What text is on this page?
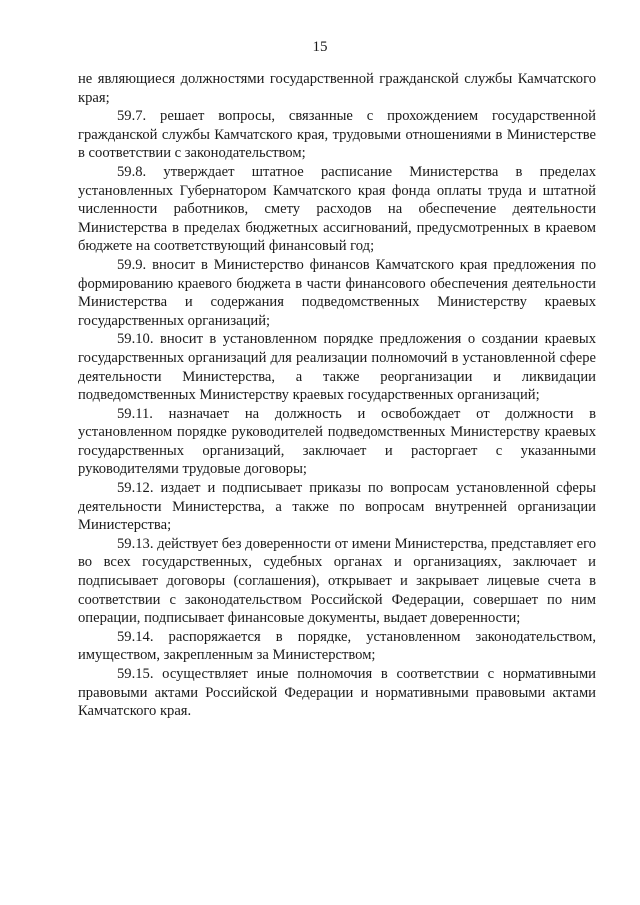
15

не являющиеся должностями государственной гражданской службы Камчатского края;

59.7. решает вопросы, связанные с прохождением государственной гражданской службы Камчатского края, трудовыми отношениями в Министерстве в соответствии с законодательством;

59.8. утверждает штатное расписание Министерства в пределах установленных Губернатором Камчатского края фонда оплаты труда и штатной численности работников, смету расходов на обеспечение деятельности Министерства в пределах бюджетных ассигнований, предусмотренных в краевом бюджете на соответствующий финансовый год;

59.9. вносит в Министерство финансов Камчатского края предложения по формированию краевого бюджета в части финансового обеспечения деятельности Министерства и содержания подведомственных Министерству краевых государственных организаций;

59.10. вносит в установленном порядке предложения о создании краевых государственных организаций для реализации полномочий в установленной сфере деятельности Министерства, а также реорганизации и ликвидации подведомственных Министерству краевых государственных организаций;

59.11. назначает на должность и освобождает от должности в установленном порядке руководителей подведомственных Министерству краевых государственных организаций, заключает и расторгает с указанными руководителями трудовые договоры;

59.12. издает и подписывает приказы по вопросам установленной сферы деятельности Министерства, а также по вопросам внутренней организации Министерства;

59.13. действует без доверенности от имени Министерства, представляет его во всех государственных, судебных органах и организациях, заключает и подписывает договоры (соглашения), открывает и закрывает лицевые счета в соответствии с законодательством Российской Федерации, совершает по ним операции, подписывает финансовые документы, выдает доверенности;

59.14. распоряжается в порядке, установленном законодательством, имуществом, закрепленным за Министерством;

59.15. осуществляет иные полномочия в соответствии с нормативными правовыми актами Российской Федерации и нормативными правовыми актами Камчатского края.
